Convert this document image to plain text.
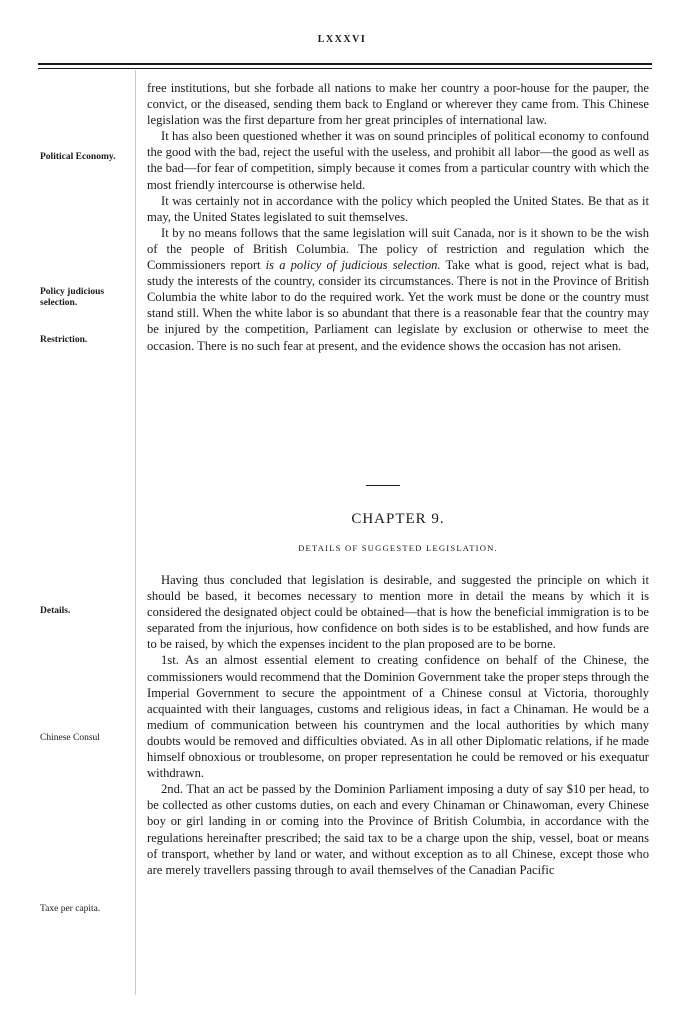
LXXXVI
Political Economy.
Policy judicious selection.
Restriction.
Details.
Chinese Consul
Taxe per capita.

free institutions, but she forbade all nations to make her country a poor-house for the pauper, the convict, or the diseased, sending them back to England or wherever they came from. This Chinese legislation was the first departure from her great principles of international law.

It has also been questioned whether it was on sound principles of political economy to confound the good with the bad, reject the useful with the useless, and prohibit all labor—the good as well as the bad—for fear of competition, simply because it comes from a particular country with which the most friendly intercourse is otherwise held.

It was certainly not in accordance with the policy which peopled the United States. Be that as it may, the United States legislated to suit themselves.

It by no means follows that the same legislation will suit Canada, nor is it shown to be the wish of the people of British Columbia. The policy of restriction and regulation which the Commissioners report is a policy of judicious selection. Take what is good, reject what is bad, study the interests of the country, consider its circumstances. There is not in the Province of British Columbia the white labor to do the required work. Yet the work must be done or the country must stand still. When the white labor is so abundant that there is a reasonable fear that the country may be injured by the competition, Parliament can legislate by exclusion or otherwise to meet the occasion. There is no such fear at present, and the evidence shows the occasion has not arisen.

CHAPTER 9.
DETAILS OF SUGGESTED LEGISLATION.

Having thus concluded that legislation is desirable, and suggested the principle on which it should be based, it becomes necessary to mention more in detail the means by which it is considered the designated object could be obtained—that is how the beneficial immigration is to be separated from the injurious, how confidence on both sides is to be established, and how funds are to be raised, by which the expenses incident to the plan proposed are to be borne.

1st. As an almost essential element to creating confidence on behalf of the Chinese, the commissioners would recommend that the Dominion Government take the proper steps through the Imperial Government to secure the appointment of a Chinese consul at Victoria, thoroughly acquainted with their languages, customs and religious ideas, in fact a Chinaman. He would be a medium of communication between his countrymen and the local authorities by which many doubts would be removed and difficulties obviated. As in all other Diplomatic relations, if he made himself obnoxious or troublesome, on proper representation he could be removed or his exequatur withdrawn.

2nd. That an act be passed by the Dominion Parliament imposing a duty of say $10 per head, to be collected as other customs duties, on each and every Chinaman or Chinawoman, every Chinese boy or girl landing in or coming into the Province of British Columbia, in accordance with the regulations hereinafter prescribed; the said tax to be a charge upon the ship, vessel, boat or means of transport, whether by land or water, and without exception as to all Chinese, except those who are merely travellers passing through to avail themselves of the Canadian Pacific
